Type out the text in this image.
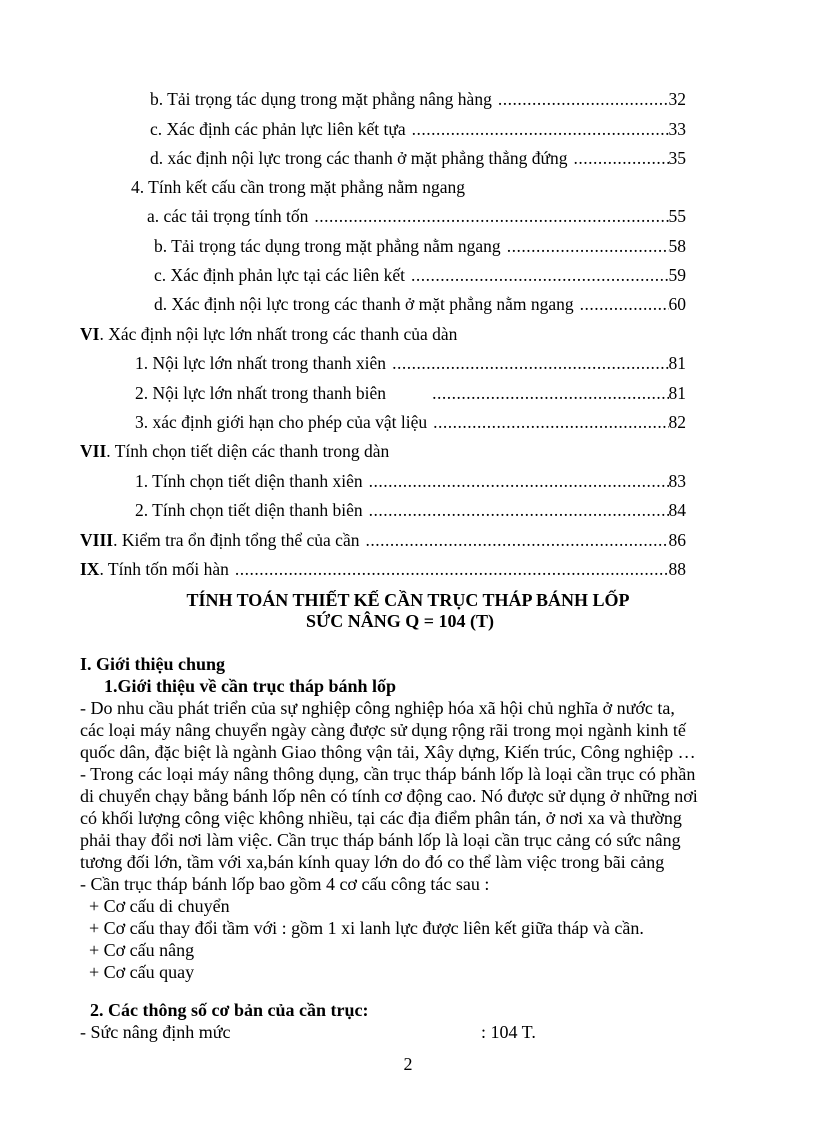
b. Tải trọng tác dụng trong mặt phẳng nâng hàng .....	32
c. Xác định các phản lực liên kết tựa .....	33
d. xác định nội lực trong các thanh ở mặt phẳng thẳng đứng .....	35
4. Tính kết cấu cần trong mặt phẳng nằm ngang
a. các tải trọng tính tốn .....	55
b. Tải trọng tác dụng trong mặt phẳng nằm ngang .....	58
c. Xác định phản lực tại các liên kết .....	59
d. Xác định nội lực trong các thanh ở mặt phẳng nằm ngang .....	60
VI. Xác định nội lực lớn nhất trong các thanh của dàn
1. Nội lực lớn nhất trong thanh xiên .....	81
2. Nội lực lớn nhất trong thanh biên .....	81
3. xác định giới hạn cho phép của vật liệu .....	82
VII. Tính chọn tiết diện các thanh trong dàn
1. Tính chọn tiết diện thanh xiên .....	83
2. Tính chọn tiết diện thanh biên .....	84
VIII. Kiểm tra ổn định tổng thể của cần .....	86
IX. Tính tốn mối hàn .....	88
TÍNH TOÁN THIẾT KẾ CẦN TRỤC THÁP BÁNH LỐP
SỨC NÂNG Q = 104 (T)
I. Giới thiệu chung
1.Giới thiệu về cần trục tháp bánh lốp
- Do nhu cầu phát triển của sự nghiệp công nghiệp hóa xã hội chủ nghĩa ở nước ta,
các loại máy nâng chuyển ngày càng được sử dụng rộng rãi trong mọi ngành kinh tế
quốc dân, đặc biệt là ngành Giao thông vận tải, Xây dựng, Kiến trúc, Công nghiệp …
- Trong các loại máy nâng thông dụng, cần trục tháp bánh lốp là loại cần trục có phần
di chuyển chạy bằng bánh lốp nên có tính cơ động cao. Nó được sử dụng ở những nơi
có khối lượng công việc không nhiều, tại các địa điểm phân tán, ở nơi xa và thường
phải thay đổi nơi làm việc. Cần trục tháp bánh lốp là loại cần trục cảng có sức nâng
tương đối lớn, tầm với xa,bán kính quay lớn do đó co thể làm việc trong bãi cảng
- Cần trục tháp bánh lốp bao gồm 4 cơ cấu công tác sau :
+ Cơ cấu di chuyển
+ Cơ cấu thay đổi tầm với : gồm 1 xi lanh lực được liên kết giữa tháp và cần.
+ Cơ cấu nâng
+ Cơ cấu quay
2. Các thông số cơ bản của cần trục:
- Sức nâng định mức	: 104 T.
2
